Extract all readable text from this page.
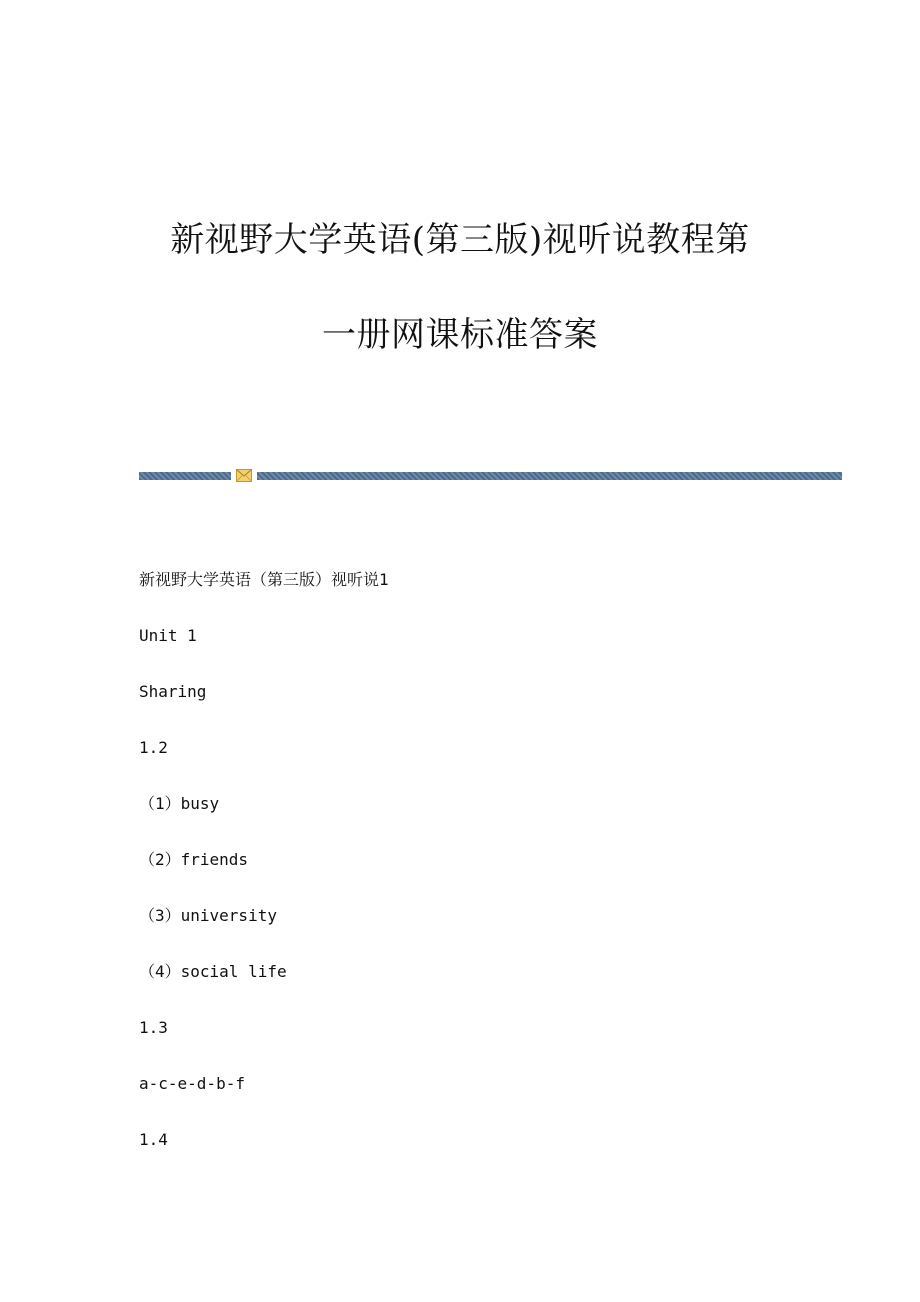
新视野大学英语(第三版)视听说教程第
一册网课标准答案
新视野大学英语（第三版）视听说1
Unit 1
Sharing
1.2
（1）busy
（2）friends
（3）university
（4）social life
1.3
a-c-e-d-b-f
1.4
